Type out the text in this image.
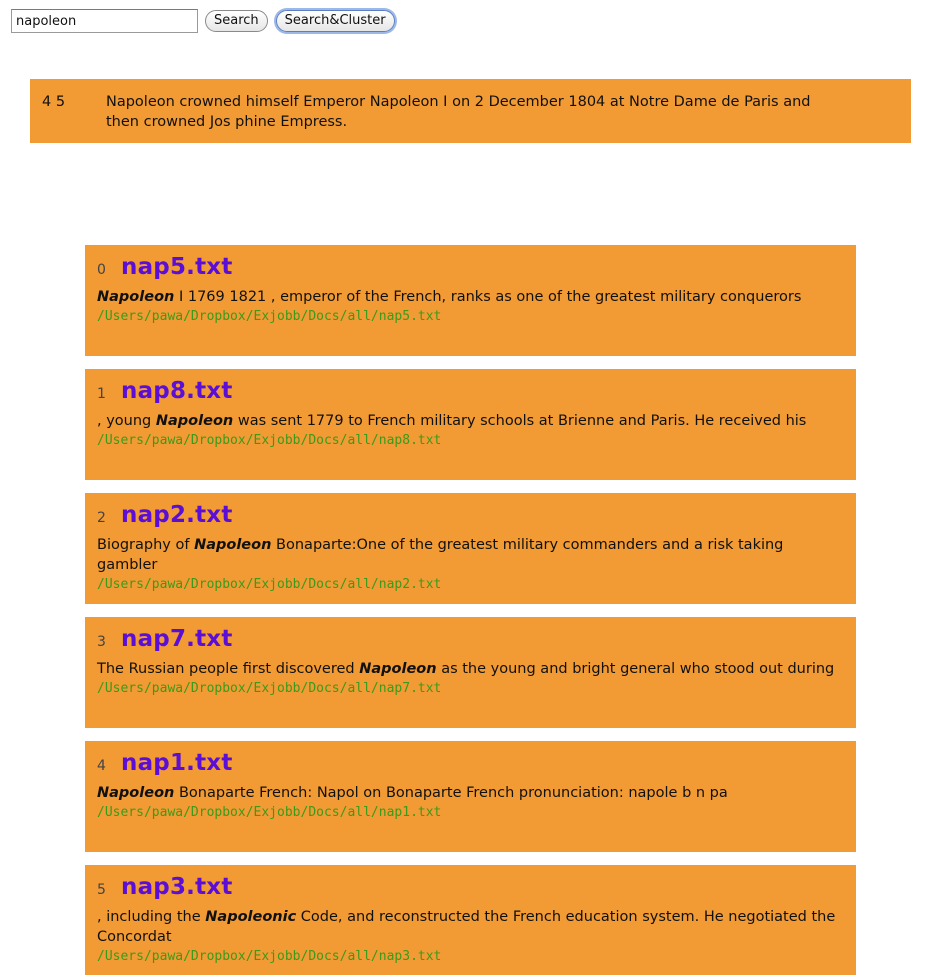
napoleon
Search	Search&Cluster
4 5	Napoleon crowned himself Emperor Napoleon I on 2 December 1804 at Notre Dame de Paris and then crowned Jos phine Empress.
0 nap5.txt
Napoleon I 1769 1821 , emperor of the French, ranks as one of the greatest military conquerors
/Users/pawa/Dropbox/Exjobb/Docs/all/nap5.txt
1 nap8.txt
, young Napoleon was sent 1779 to French military schools at Brienne and Paris. He received his
/Users/pawa/Dropbox/Exjobb/Docs/all/nap8.txt
2 nap2.txt
Biography of Napoleon Bonaparte:One of the greatest military commanders and a risk taking gambler
/Users/pawa/Dropbox/Exjobb/Docs/all/nap2.txt
3 nap7.txt
The Russian people first discovered Napoleon as the young and bright general who stood out during
/Users/pawa/Dropbox/Exjobb/Docs/all/nap7.txt
4 nap1.txt
Napoleon Bonaparte French: Napol on Bonaparte French pronunciation: napole b n pa
/Users/pawa/Dropbox/Exjobb/Docs/all/nap1.txt
5 nap3.txt
, including the Napoleonic Code, and reconstructed the French education system. He negotiated the Concordat
/Users/pawa/Dropbox/Exjobb/Docs/all/nap3.txt
